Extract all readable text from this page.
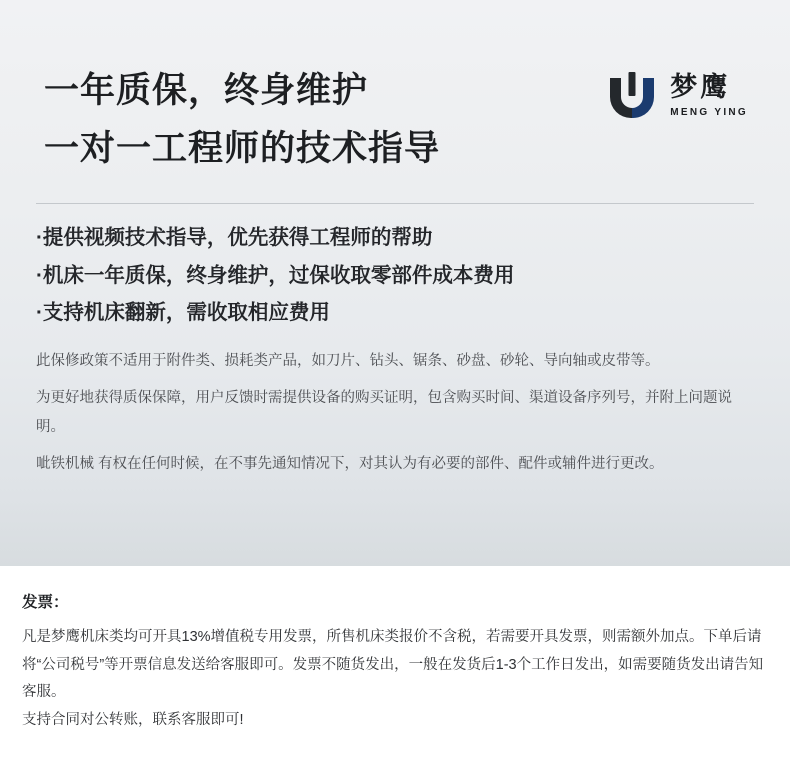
一年质保，终身维护
一对一工程师的技术指导
梦鹰
MENG YING
·提供视频技术指导，优先获得工程师的帮助
·机床一年质保，终身维护，过保收取零部件成本费用
·支持机床翻新，需收取相应费用

此保修政策不适用于附件类、损耗类产品，如刀片、钻头、锯条、砂盘、砂轮、导向轴或皮带等。

为更好地获得质保保障，用户反馈时需提供设备的购买证明，包含购买时间、渠道设备序列号，并附上问题说明。

呲铁机械 有权在任何时候，在不事先通知情况下，对其认为有必要的部件、配件或辅件进行更改。

发票：

凡是梦鹰机床类均可开具13%增值税专用发票，所售机床类报价不含税，若需要开具发票，则需额外加点。下单后请将“公司税号”等开票信息发送给客服即可。发票不随货发出，一般在发货后1-3个工作日发出，如需要随货发出请告知客服。

支持合同对公转账，联系客服即可!
